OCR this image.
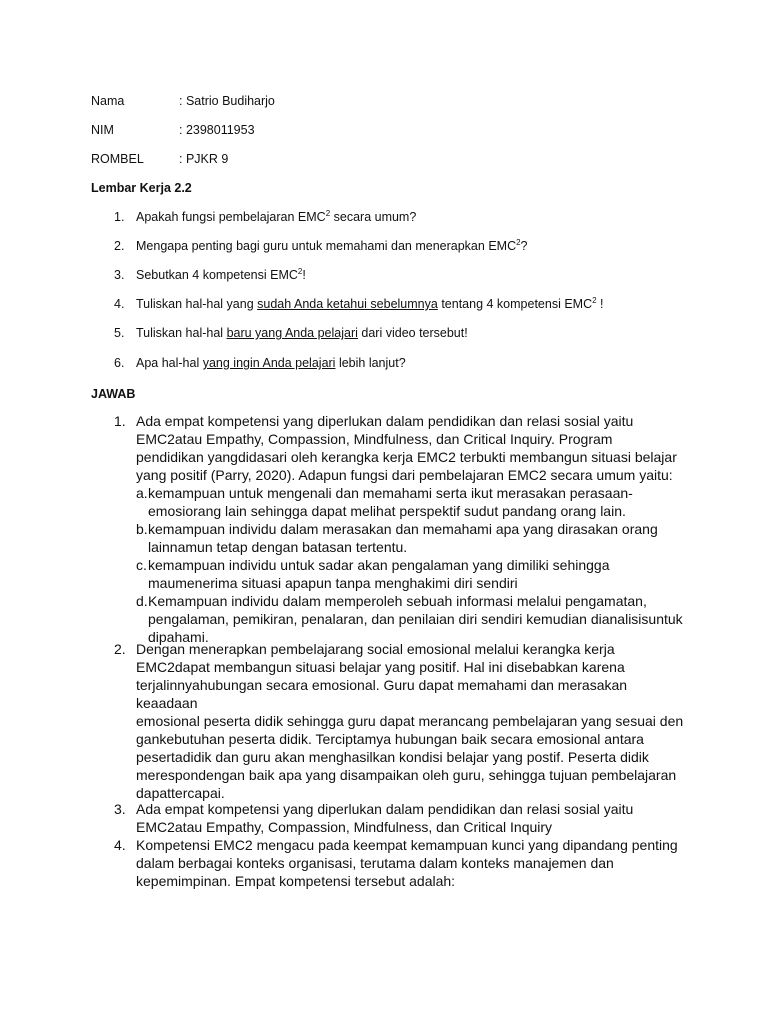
Nama	: Satrio Budiharjo
NIM	: 2398011953
ROMBEL	: PJKR 9
Lembar Kerja 2.2
1. Apakah fungsi pembelajaran EMC$^2$ secara umum?
2. Mengapa penting bagi guru untuk memahami dan menerapkan EMC$^2$?
3. Sebutkan 4 kompetensi EMC$^2$!
4. Tuliskan hal-hal yang sudah Anda ketahui sebelumnya tentang 4 kompetensi EMC$^2$ !
5. Tuliskan hal-hal baru yang Anda pelajari dari video tersebut!
6. Apa hal-hal yang ingin Anda pelajari lebih lanjut?
JAWAB
1. Ada empat kompetensi yang diperlukan dalam pendidikan dan relasi sosial yaitu
EMC2atau Empathy, Compassion, Mindfulness, dan Critical Inquiry. Program
pendidikan yangdidasari oleh kerangka kerja EMC2 terbukti membangun situasi belajar
yang positif (Parry, 2020). Adapun fungsi dari pembelajaran EMC2 secara umum yaitu:
a. kemampuan untuk mengenali dan memahami serta ikut merasakan perasaan-
emosiorang lain sehingga dapat melihat perspektif sudut pandang orang lain.
b. kemampuan individu dalam merasakan dan memahami apa yang dirasakan orang
lainnamun tetap dengan batasan tertentu.
c. kemampuan individu untuk sadar akan pengalaman yang dimiliki sehingga
maumenerima situasi apapun tanpa menghakimi diri sendiri
d. Kemampuan individu dalam memperoleh sebuah informasi melalui pengamatan,
pengalaman, pemikiran, penalaran, dan penilaian diri sendiri kemudian dianalisisuntuk
dipahami.
2. Dengan menerapkan pembelajarang social emosional melalui kerangka kerja
EMC2dapat membangun situasi belajar yang positif. Hal ini disebabkan karena
terjalinnyahubungan secara emosional. Guru dapat memahami dan merasakan
keaadaan
emosional peserta didik sehingga guru dapat merancang pembelajaran yang sesuai den
gankebutuhan peserta didik. Terciptamya hubungan baik secara emosional antara
pesertadidik dan guru akan menghasilkan kondisi belajar yang postif. Peserta didik
merespondengan baik apa yang disampaikan oleh guru, sehingga tujuan pembelajaran
dapattercapai.
3. Ada empat kompetensi yang diperlukan dalam pendidikan dan relasi sosial yaitu
EMC2atau Empathy, Compassion, Mindfulness, dan Critical Inquiry
4. Kompetensi EMC2 mengacu pada keempat kemampuan kunci yang dipandang penting
dalam berbagai konteks organisasi, terutama dalam konteks manajemen dan
kepemimpinan. Empat kompetensi tersebut adalah:
